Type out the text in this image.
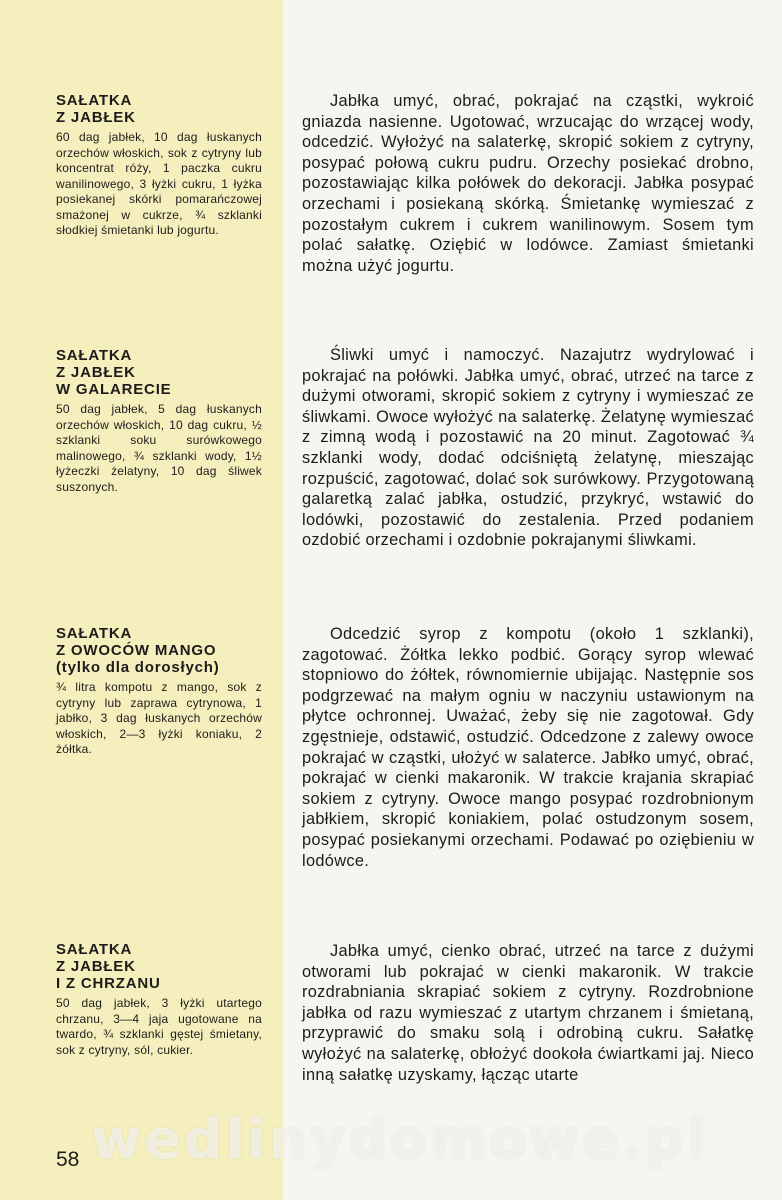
SAŁATKA
Z JABŁEK

60 dag jabłek, 10 dag łuskanych orzechów włoskich, sok z cytryny lub koncentrat róży, 1 paczka cukru wanilinowego, 3 łyżki cukru, 1 łyżka posiekanej skórki pomarańczowej smażonej w cukrze, ¾ szklanki słodkiej śmietanki lub jogurtu.

Jabłka umyć, obrać, pokrajać na cząstki, wykroić gniazda nasienne. Ugotować, wrzucając do wrzącej wody, odcedzić. Wyłożyć na salaterkę, skropić sokiem z cytryny, posypać połową cukru pudru. Orzechy posiekać drobno, pozostawiając kilka połówek do dekoracji. Jabłka posypać orzechami i posiekaną skórką. Śmietankę wymieszać z pozostałym cukrem i cukrem wanilinowym. Sosem tym polać sałatkę. Oziębić w lodówce. Zamiast śmietanki można użyć jogurtu.

SAŁATKA
Z JABŁEK
W GALARECIE

50 dag jabłek, 5 dag łuskanych orzechów włoskich, 10 dag cukru, ½ szklanki soku surówkowego malinowego, ¾ szklanki wody, 1½ łyżeczki żelatyny, 10 dag śliwek suszonych.

Śliwki umyć i namoczyć. Nazajutrz wydrylować i pokrajać na połówki. Jabłka umyć, obrać, utrzeć na tarce z dużymi otworami, skropić sokiem z cytryny i wymieszać ze śliwkami. Owoce wyłożyć na salaterkę. Żelatynę wymieszać z zimną wodą i pozostawić na 20 minut. Zagotować ¾ szklanki wody, dodać odciśniętą żelatynę, mieszając rozpuścić, zagotować, dolać sok surówkowy. Przygotowaną galaretką zalać jabłka, ostudzić, przykryć, wstawić do lodówki, pozostawić do zestalenia. Przed podaniem ozdobić orzechami i ozdobnie pokrajanymi śliwkami.

SAŁATKA
Z OWOCÓW MANGO
(tylko dla dorosłych)

¾ litra kompotu z mango, sok z cytryny lub zaprawa cytrynowa, 1 jabłko, 3 dag łuskanych orzechów włoskich, 2—3 łyżki koniaku, 2 żółtka.

Odcedzić syrop z kompotu (około 1 szklanki), zagotować. Żółtka lekko podbić. Gorący syrop wlewać stopniowo do żółtek, równomiernie ubijając. Następnie sos podgrzewać na małym ogniu w naczyniu ustawionym na płytce ochronnej. Uważać, żeby się nie zagotował. Gdy zgęstnieje, odstawić, ostudzić. Odcedzone z zalewy owoce pokrajać w cząstki, ułożyć w salaterce. Jabłko umyć, obrać, pokrajać w cienki makaronik. W trakcie krajania skrapiać sokiem z cytryny. Owoce mango posypać rozdrobnionym jabłkiem, skropić koniakiem, polać ostudzonym sosem, posypać posiekanymi orzechami. Podawać po oziębieniu w lodówce.

SAŁATKA
Z JABŁEK
I Z CHRZANU

50 dag jabłek, 3 łyżki utartego chrzanu, 3—4 jaja ugotowane na twardo, ¾ szklanki gęstej śmietany, sok z cytryny, sól, cukier.

Jabłka umyć, cienko obrać, utrzeć na tarce z dużymi otworami lub pokrajać w cienki makaronik. W trakcie rozdrabniania skrapiać sokiem z cytryny. Rozdrobnione jabłka od razu wymieszać z utartym chrzanem i śmietaną, przyprawić do smaku solą i odrobiną cukru. Sałatkę wyłożyć na salaterkę, obłożyć dookoła ćwiartkami jaj. Nieco inną sałatkę uzyskamy, łącząc utarte

wedlinydomowe.pl
58
